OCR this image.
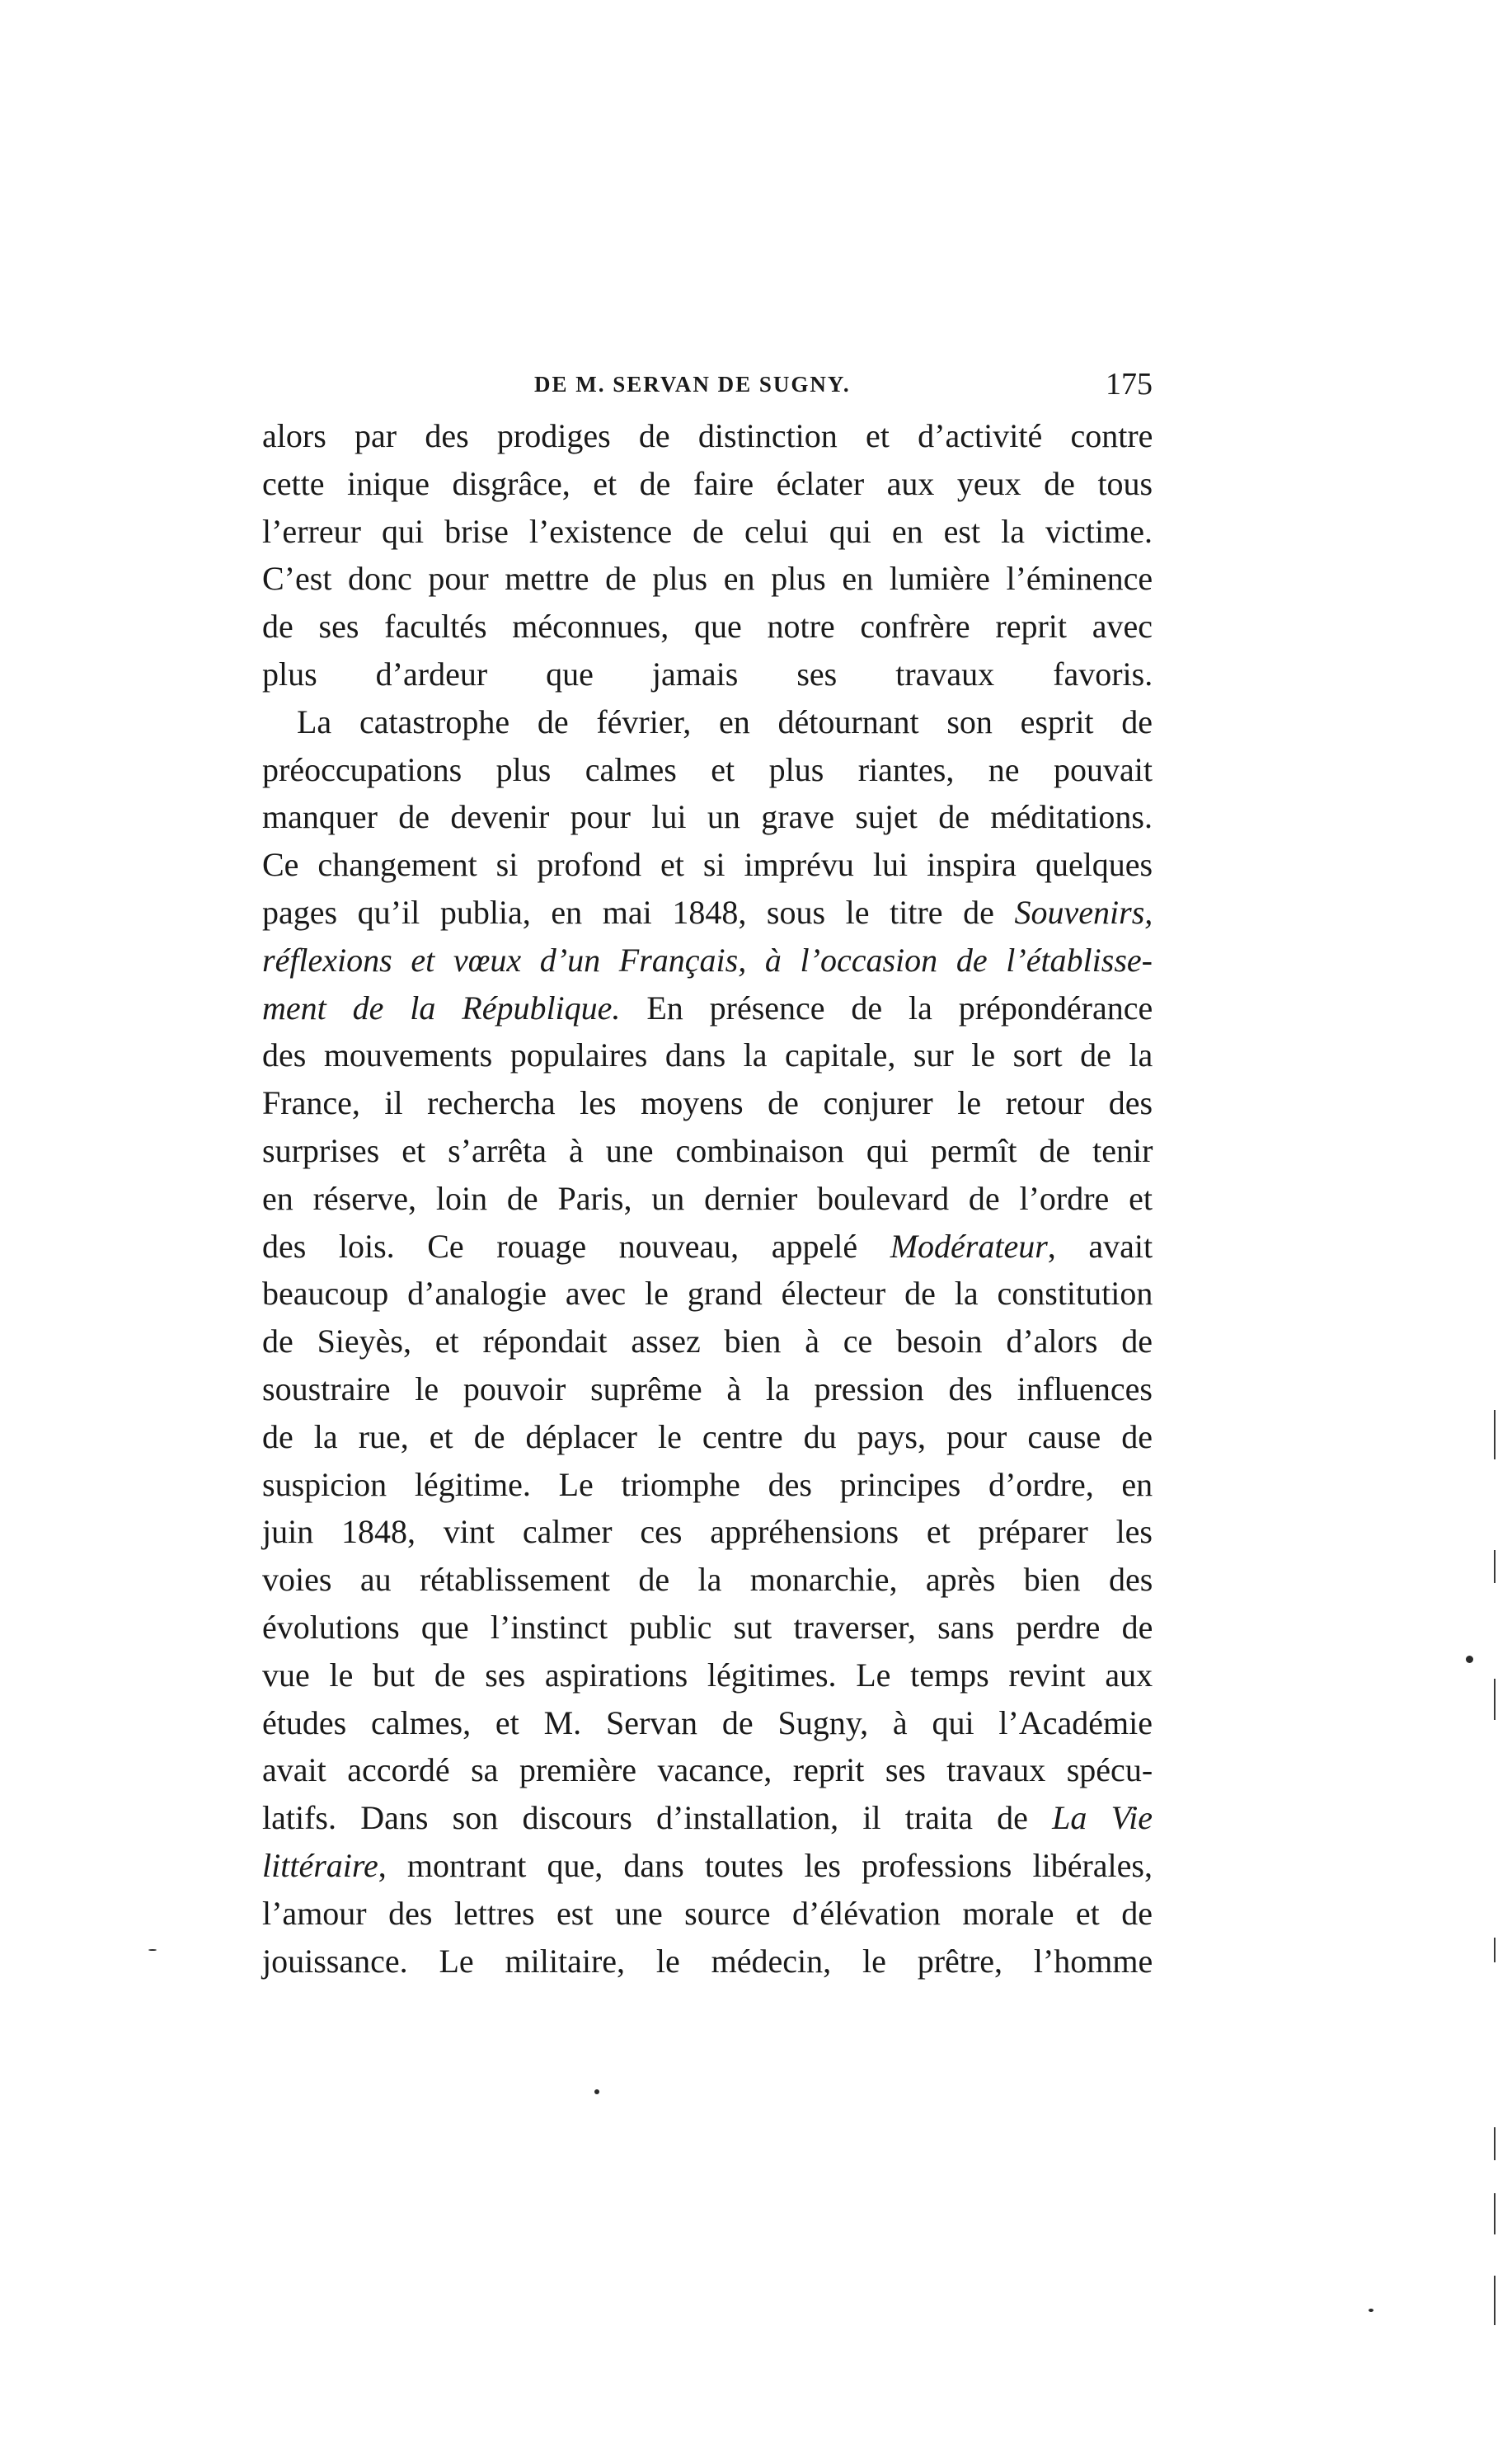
DE M. SERVAN DE SUGNY.	175
alors par des prodiges de distinction et d’activité contre
cette inique disgrâce, et de faire éclater aux yeux de tous
l’erreur qui brise l’existence de celui qui en est la victime.
C’est donc pour mettre de plus en plus en lumière l’éminence
de ses facultés méconnues, que notre confrère reprit avec
plus d’ardeur que jamais ses travaux favoris.
La catastrophe de février, en détournant son esprit de
préoccupations plus calmes et plus riantes, ne pouvait
manquer de devenir pour lui un grave sujet de méditations.
Ce changement si profond et si imprévu lui inspira quelques
pages qu’il publia, en mai 1848, sous le titre de Souvenirs,
réflexions et vœux d’un Français, à l’occasion de l’établisse-
ment de la République. En présence de la prépondérance
des mouvements populaires dans la capitale, sur le sort de la
France, il rechercha les moyens de conjurer le retour des
surprises et s’arrêta à une combinaison qui permît de tenir
en réserve, loin de Paris, un dernier boulevard de l’ordre et
des lois. Ce rouage nouveau, appelé Modérateur, avait
beaucoup d’analogie avec le grand électeur de la constitution
de Sieyès, et répondait assez bien à ce besoin d’alors de
soustraire le pouvoir suprême à la pression des influences
de la rue, et de déplacer le centre du pays, pour cause de
suspicion légitime. Le triomphe des principes d’ordre, en
juin 1848, vint calmer ces appréhensions et préparer les
voies au rétablissement de la monarchie, après bien des
évolutions que l’instinct public sut traverser, sans perdre de
vue le but de ses aspirations légitimes. Le temps revint aux
études calmes, et M. Servan de Sugny, à qui l’Académie
avait accordé sa première vacance, reprit ses travaux spécu-
latifs. Dans son discours d’installation, il traita de La Vie
littéraire, montrant que, dans toutes les professions libérales,
l’amour des lettres est une source d’élévation morale et de
jouissance. Le militaire, le médecin, le prêtre, l’homme
